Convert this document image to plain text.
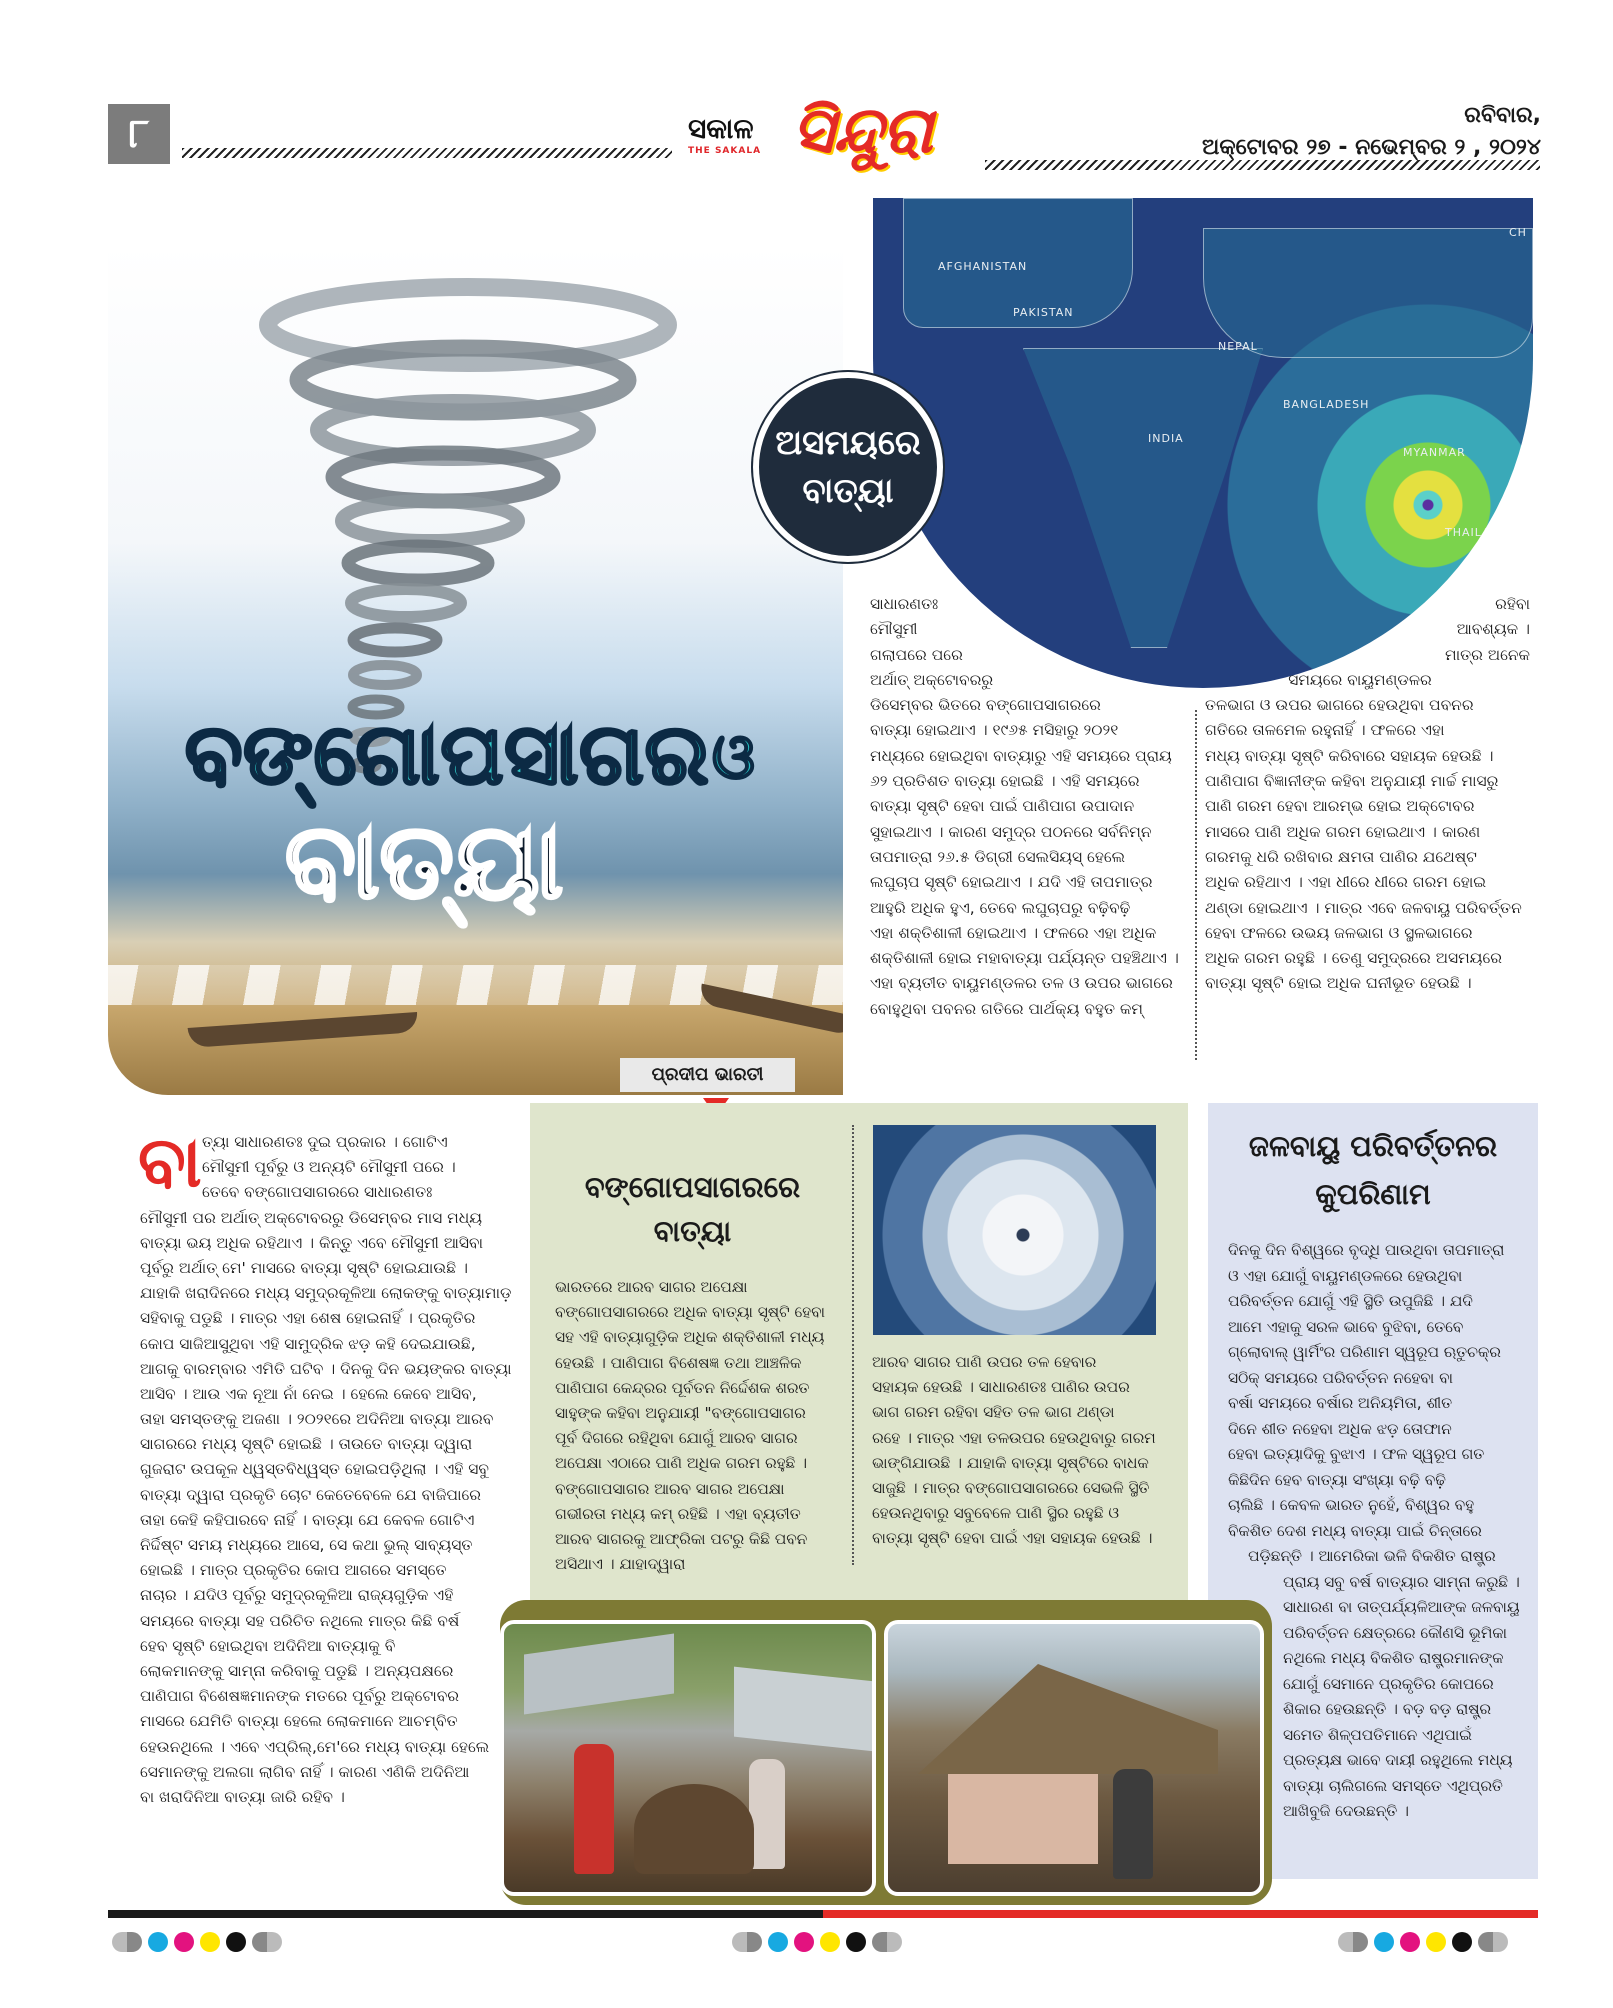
୮	ସକାଳ
THE SAKALA ସିନ୍ଦୁରା	ରବିବାର,
ଅକ୍ଟୋବର ୨୭ - ନଭେମ୍ବର ୨ , ୨୦୨୪
ବଙ୍ଗୋପସାଗର ଓ
ବାତ୍ୟା
AFGHANISTAN
PAKISTAN
NEPAL
BANGLADESH
INDIA
MYANMAR
THAILAND
CH
ଅସମୟରେ
ବାତ୍ୟା
ସାଧାରଣତଃ
ମୌସୁମୀ
ଗଲାପରେ ପରେ
ଅର୍ଥାତ୍ ଅକ୍ଟୋବରରୁ
ଡିସେମ୍ବର ଭିତରେ ବଙ୍ଗୋପସାଗରରେ
ବାତ୍ୟା ହୋଇଥାଏ । ୧୯୬୫ ମସିହାରୁ ୨୦୨୧
ମଧ୍ୟରେ ହୋଇଥିବା ବାତ୍ୟାରୁ ଏହି ସମୟରେ ପ୍ରାୟ
୬୨ ପ୍ରତିଶତ ବାତ୍ୟା ହୋଇଛି । ଏହି ସମୟରେ
ବାତ୍ୟା ସୃଷ୍ଟି ହେବା ପାଇଁ ପାଣିପାଗ ଉପାଦାନ
ସୁହାଇଥାଏ । କାରଣ ସମୁଦ୍ର ପଠନରେ ସର୍ବନିମ୍ନ
ତାପମାତ୍ରା ୨୬.୫ ଡିଗ୍ରୀ ସେଲସିୟସ୍ ହେଲେ
ଲଘୁଚାପ ସୃଷ୍ଟି ହୋଇଥାଏ । ଯଦି ଏହି ତାପମାତ୍ର
ଆହୁରି ଅଧିକ ହୁଏ, ତେବେ ଲଘୁଚାପରୁ ବଢ଼ିବଢ଼ି
ଏହା ଶକ୍ତିଶାଳୀ ହୋଇଥାଏ । ଫଳରେ ଏହା ଅଧିକ
ଶକ୍ତିଶାଳୀ ହୋଇ ମହାବାତ୍ୟା ପର୍ଯ୍ୟନ୍ତ ପହଞ୍ଚିଥାଏ ।
ଏହା ବ୍ୟତୀତ ବାୟୁମଣ୍ଡଳର ତଳ ଓ ଉପର ଭାଗରେ
ବୋହୁଥିବା ପବନର ଗତିରେ ପାର୍ଥକ୍ୟ ବହୁତ କମ୍
ରହିବା
ଆବଶ୍ୟକ ।
ମାତ୍ର ଅନେକ
ସମୟରେ ବାୟୁମଣ୍ଡଳର
ତଳଭାଗ ଓ ଉପର ଭାଗରେ ହେଉଥିବା ପବନର
ଗତିରେ ତାଳମେଳ ରହୁନାହିଁ । ଫଳରେ ଏହା
ମଧ୍ୟ ବାତ୍ୟା ସୃଷ୍ଟି କରିବାରେ ସହାୟକ ହେଉଛି ।
ପାଣିପାଗ ବିଜ୍ଞାନୀଙ୍କ କହିବା ଅନୁଯାୟୀ ମାର୍ଚ୍ଚ ମାସରୁ
ପାଣି ଗରମ ହେବା ଆରମ୍ଭ ହୋଇ ଅକ୍ଟୋବର
ମାସରେ ପାଣି ଅଧିକ ଗରମ ହୋଇଥାଏ । କାରଣ
ଗରମକୁ ଧରି ରଖିବାର କ୍ଷମତା ପାଣିର ଯଥେଷ୍ଟ
ଅଧିକ ରହିଥାଏ । ଏହା ଧୀରେ ଧୀରେ ଗରମ ହୋଇ
ଥଣ୍ଡା ହୋଇଥାଏ । ମାତ୍ର ଏବେ ଜଳବାୟୁ ପରିବର୍ତ୍ତନ
ହେବା ଫଳରେ ଉଭୟ ଜଳଭାଗ ଓ ସ୍ଥଳଭାଗରେ
ଅଧିକ ଗରମ ରହୁଛି । ତେଣୁ ସମୁଦ୍ରରେ ଅସମୟରେ
ବାତ୍ୟା ସୃଷ୍ଟି ହୋଇ ଅଧିକ ଘନୀଭୂତ ହେଉଛି ।
ପ୍ରଦୀପ ଭାରତୀ
ବା ତ୍ୟା ସାଧାରଣତଃ ଦୁଇ ପ୍ରକାର । ଗୋଟିଏ
ମୌସୁମୀ ପୂର୍ବରୁ ଓ ଅନ୍ୟଟି ମୌସୁମୀ ପରେ ।
ତେବେ ବଙ୍ଗୋପସାଗରରେ ସାଧାରଣତଃ
ମୌସୁମୀ ପର ଅର୍ଥାତ୍ ଅକ୍ଟୋବରରୁ ଡିସେମ୍ବର ମାସ ମଧ୍ୟ
ବାତ୍ୟା ଭୟ ଅଧିକ ରହିଥାଏ । କିନ୍ତୁ ଏବେ ମୌସୁମୀ ଆସିବା
ପୂର୍ବରୁ ଅର୍ଥାତ୍ ମେ' ମାସରେ ବାତ୍ୟା ସୃଷ୍ଟି ହୋଇଯାଉଛି ।
ଯାହାକି ଖରାଦିନରେ ମଧ୍ୟ ସମୁଦ୍ରକୂଳିଆ ଲୋକଙ୍କୁ ବାତ୍ୟାମାଡ଼
ସହିବାକୁ ପଡୁଛି । ମାତ୍ର ଏହା ଶେଷ ହୋଇନାହିଁ । ପ୍ରକୃତିର
କୋପ ସାଜିଆସୁଥିବା ଏହି ସାମୁଦ୍ରିକ ଝଡ଼ କହି ଦେଇଯାଉଛି,
ଆଗକୁ ବାରମ୍ବାର ଏମିତି ଘଟିବ । ଦିନକୁ ଦିନ ଭୟଙ୍କର ବାତ୍ୟା
ଆସିବ । ଆଉ ଏକ ନୂଆ ନାଁ ନେଇ । ହେଲେ କେବେ ଆସିବ,
ତାହା ସମସ୍ତଙ୍କୁ ଅଜଣା । ୨୦୨୧ରେ ଅଦିନିଆ ବାତ୍ୟା ଆରବ
ସାଗରରେ ମଧ୍ୟ ସୃଷ୍ଟି ହୋଇଛି । ତାଉତେ ବାତ୍ୟା ଦ୍ୱାରା
ଗୁଜରାଟ ଉପକୂଳ ଧ୍ୱସ୍ତବିଧ୍ୱସ୍ତ ହୋଇପଡ଼ିଥିଲା । ଏହି ସବୁ
ବାତ୍ୟା ଦ୍ୱାରା ପ୍ରକୃତି ଚୋଟ କେତେବେଳେ ଯେ ବାଜିପାରେ
ତାହା କେହି କହିପାରବେ ନାହିଁ । ବାତ୍ୟା ଯେ କେବଳ ଗୋଟିଏ
ନିର୍ଦ୍ଦିଷ୍ଟ ସମୟ ମଧ୍ୟରେ ଆସେ, ସେ କଥା ଭୁଲ୍ ସାବ୍ୟସ୍ତ
ହୋଇଛି । ମାତ୍ର ପ୍ରକୃତିର କୋପ ଆଗରେ ସମସ୍ତେ
ନାଚାର । ଯଦିଓ ପୂର୍ବରୁ ସମୁଦ୍ରକୂଳିଆ ରାଜ୍ୟଗୁଡ଼ିକ ଏହି
ସମୟରେ ବାତ୍ୟା ସହ ପରିଚିତ ନଥିଲେ ମାତ୍ର କିଛି ବର୍ଷ
ହେବ ସୃଷ୍ଟି ହୋଇଥିବା ଅଦିନିଆ ବାତ୍ୟାକୁ ବି
ଲୋକମାନଙ୍କୁ ସାମ୍ନା କରିବାକୁ ପଡୁଛି । ଅନ୍ୟପକ୍ଷରେ
ପାଣିପାଗ ବିଶେଷଜ୍ଞମାନଙ୍କ ମତରେ ପୂର୍ବରୁ ଅକ୍ଟୋବର
ମାସରେ ଯେମିତି ବାତ୍ୟା ହେଲେ ଲୋକମାନେ ଆଚମ୍ବିତ
ହେଉନଥିଲେ । ଏବେ ଏପ୍ରିଲ୍,ମେ'ରେ ମଧ୍ୟ ବାତ୍ୟା ହେଲେ
ସେମାନଙ୍କୁ ଅଲଗା ଲାଗିବ ନାହିଁ । କାରଣ ଏଣିକି ଅଦିନିଆ
ବା ଖରାଦିନିଆ ବାତ୍ୟା ଜାରି ରହିବ ।
ବଙ୍ଗୋପସାଗରରେ
ବାତ୍ୟା
ଭାରତରେ ଆରବ ସାଗର ଅପେକ୍ଷା
ବଙ୍ଗୋପସାଗରରେ ଅଧିକ ବାତ୍ୟା ସୃଷ୍ଟି ହେବା
ସହ ଏହି ବାତ୍ୟାଗୁଡ଼ିକ ଅଧିକ ଶକ୍ତିଶାଳୀ ମଧ୍ୟ
ହେଉଛି । ପାଣିପାଗ ବିଶେଷଜ୍ଞ ତଥା ଆଞ୍ଚଳିକ
ପାଣିପାଗ କେନ୍ଦ୍ରର ପୂର୍ବତନ ନିର୍ଦ୍ଦେଶକ ଶରତ
ସାହୁଙ୍କ କହିବା ଅନୁଯାୟୀ "ବଙ୍ଗୋପସାଗର
ପୂର୍ବ ଦିଗରେ ରହିଥିବା ଯୋଗୁଁ ଆରବ ସାଗର
ଅପେକ୍ଷା ଏଠାରେ ପାଣି ଅଧିକ ଗରମ ରହୁଛି ।
ବଙ୍ଗୋପସାଗର ଆରବ ସାଗର ଅପେକ୍ଷା
ଗଭୀରତା ମଧ୍ୟ କମ୍ ରହିଛି । ଏହା ବ୍ୟତୀତ
ଆରବ ସାଗରକୁ ଆଫ୍ରିକା ପଟରୁ କିଛି ପବନ
ଅସିଥାଏ । ଯାହାଦ୍ୱାରା
ଆରବ ସାଗର ପାଣି ଉପର ତଳ ହେବାର
ସହାୟକ ହେଉଛି । ସାଧାରଣତଃ ପାଣିର ଉପର
ଭାଗ ଗରମ ରହିବା ସହିତ ତଳ ଭାଗ ଥଣ୍ଡା
ରହେ । ମାତ୍ର ଏହା ତଳଉପର ହେଉଥିବାରୁ ଗରମ
ଭାଙ୍ଗିଯାଉଛି । ଯାହାକି ବାତ୍ୟା ସୃଷ୍ଟିରେ ବାଧକ
ସାଜୁଛି । ମାତ୍ର ବଙ୍ଗୋପସାଗରରେ ସେଭଳି ସ୍ଥିତି
ହେଉନଥିବାରୁ ସବୁବେଳେ ପାଣି ସ୍ଥିର ରହୁଛି ଓ
ବାତ୍ୟା ସୃଷ୍ଟି ହେବା ପାଇଁ ଏହା ସହାୟକ ହେଉଛି ।
ଜଳବାୟୁ ପରିବର୍ତ୍ତନର
କୁପରିଣାମ
ଦିନକୁ ଦିନ ବିଶ୍ୱରେ ବୃଦ୍ଧି ପାଉଥିବା ତାପମାତ୍ରା
ଓ ଏହା ଯୋଗୁଁ ବାୟୁମଣ୍ଡଳରେ ହେଉଥିବା
ପରିବର୍ତ୍ତନ ଯୋଗୁଁ ଏହି ସ୍ଥିତି ଉପୁଜିଛି । ଯଦି
ଆମେ ଏହାକୁ ସରଳ ଭାବେ ବୁଝିବା, ତେବେ
ଗ୍ଲୋବାଲ୍ ୱାର୍ମିଂର ପରିଣାମ ସ୍ୱରୂପ ଋତୁଚକ୍ର
ସଠିକ୍ ସମୟରେ ପରିବର୍ତ୍ତନ ନହେବା ବା
ବର୍ଷା ସମୟରେ ବର୍ଷାର ଅନିୟମିତା, ଶୀତ
ଦିନେ ଶୀତ ନହେବା ଅଧିକ ଝଡ଼ ତୋଫାନ
ହେବା ଇତ୍ୟାଦିକୁ ବୁଝାଏ । ଫଳ ସ୍ୱରୂପ ଗତ
କିଛିଦିନ ହେବ ବାତ୍ୟା ସଂଖ୍ୟା ବଢ଼ି ବଢ଼ି
ଚାଲିଛି । କେବଳ ଭାରତ ନୁହେଁ, ବିଶ୍ୱର ବହୁ
ବିକଶିତ ଦେଶ ମଧ୍ୟ ବାତ୍ୟା ପାଇଁ ଚିନ୍ତାରେ
ପଡ଼ିଛନ୍ତି । ଆମେରିକା ଭଳି ବିକଶିତ ରାଷ୍ଟ୍ର
ପ୍ରାୟ ସବୁ ବର୍ଷ ବାତ୍ୟାର ସାମ୍ନା କରୁଛି ।
ସାଧାରଣ ବା ତାତ୍ପର୍ଯ୍ୟଳିଆଙ୍କ ଜଳବାୟୁ
ପରିବର୍ତ୍ତନ କ୍ଷେତ୍ରରେ କୌଣସି ଭୂମିକା
ନଥିଲେ ମଧ୍ୟ ବିକଶିତ ରାଷ୍ଟ୍ରମାନଙ୍କ
ଯୋଗୁଁ ସେମାନେ ପ୍ରକୃତିର କୋପରେ
ଶିକାର ହେଉଛନ୍ତି । ବଡ଼ ବଡ଼ ରାଷ୍ଟ୍ର
ସମେତ ଶିଳ୍ପପତିମାନେ ଏଥିପାଇଁ
ପ୍ରତ୍ୟକ୍ଷ ଭାବେ ଦାୟୀ ରହୁଥିଲେ ମଧ୍ୟ
ବାତ୍ୟା ଚାଲିଗଲେ ସମସ୍ତେ ଏଥିପ୍ରତି
ଆଖିବୁଜି ଦେଉଛନ୍ତି ।
